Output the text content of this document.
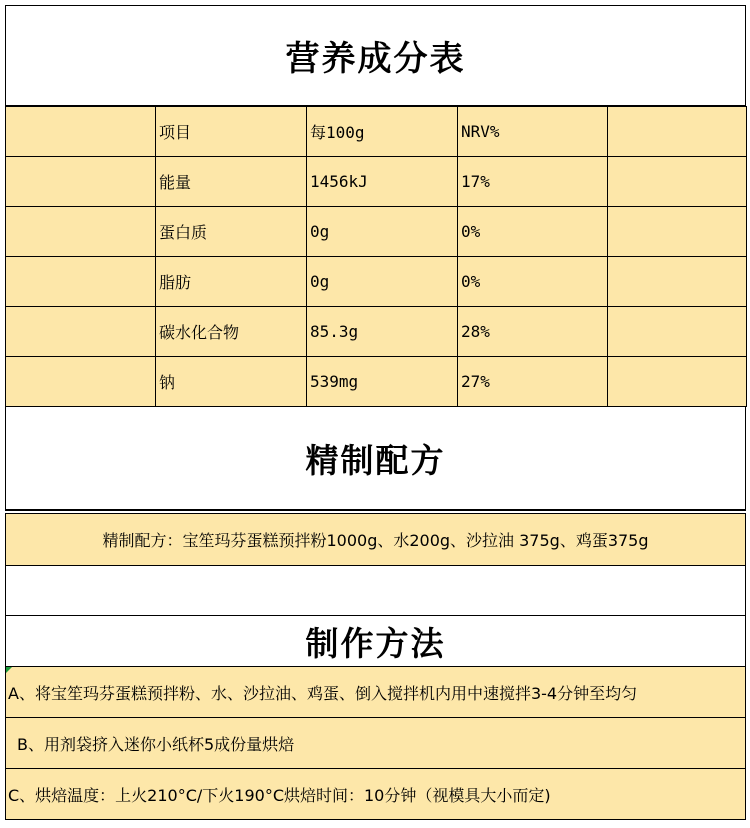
营养成分表
	项目	每100g	NRV%	
	能量	1456kJ	17%	
	蛋白质	0g	0%	
	脂肪	0g	0%	
	碳水化合物	85.3g	28%	
	钠	539mg	27%	
精制配方
精制配方：宝笙玛芬蛋糕预拌粉1000g、水200g、沙拉油 375g、鸡蛋375g
制作方法
A、将宝笙玛芬蛋糕预拌粉、水、沙拉油、鸡蛋、倒入搅拌机内用中速搅拌3-4分钟至均匀
B、用剂袋挤入迷你小纸杯5成份量烘焙
C、烘焙温度：上火210°C/下火190°C烘焙时间：10分钟（视模具大小而定)
